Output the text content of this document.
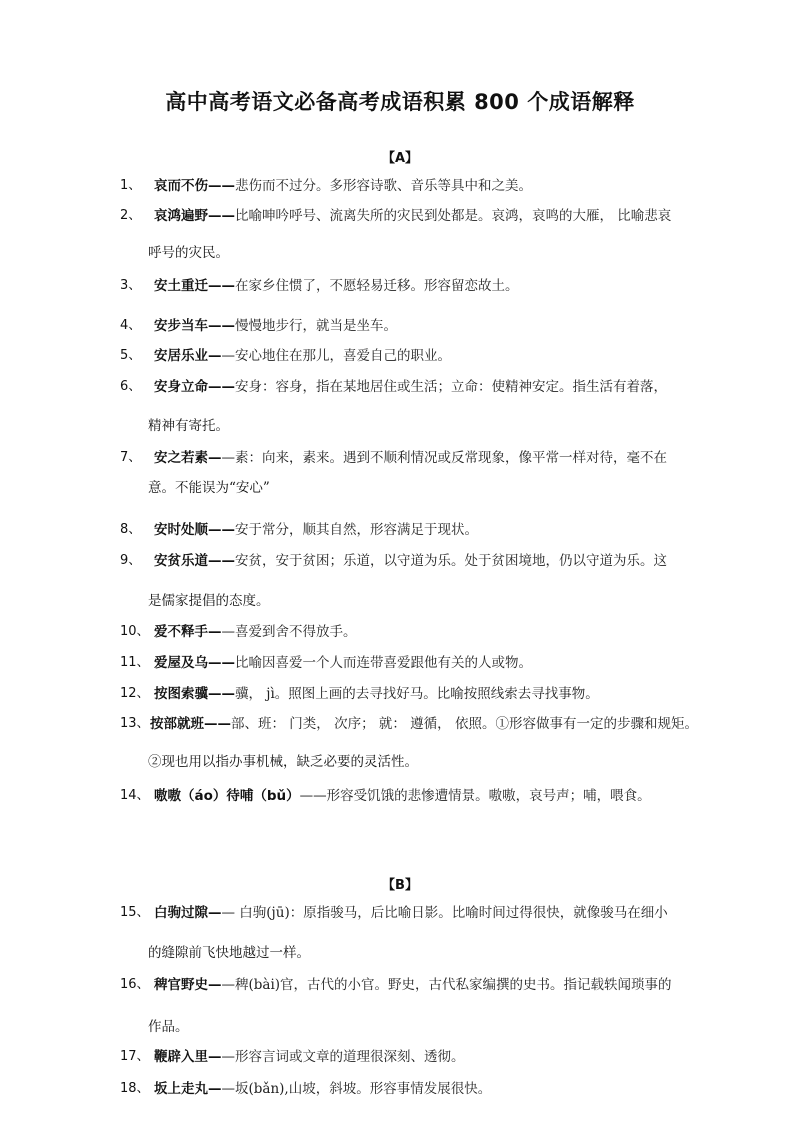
高中高考语文必备高考成语积累 800 个成语解释
【A】
1、 哀而不伤——悲伤而不过分。多形容诗歌、音乐等具中和之美。
2、 哀鸿遍野——比喻呻吟呼号、流离失所的灾民到处都是。哀鸿，哀鸣的大雁， 比喻悲哀
呼号的灾民。
3、 安土重迁——在家乡住惯了，不愿轻易迁移。形容留恋故土。
4、 安步当车——慢慢地步行，就当是坐车。
5、 安居乐业——安心地住在那儿，喜爱自己的职业。
6、 安身立命——安身：容身，指在某地居住或生活；立命：使精神安定。指生活有着落，
精神有寄托。
7、 安之若素——素：向来，素来。遇到不顺利情况或反常现象，像平常一样对待，毫不在
意。不能误为“安心”
8、 安时处顺——安于常分，顺其自然，形容满足于现状。
9、 安贫乐道——安贫，安于贫困；乐道，以守道为乐。处于贫困境地，仍以守道为乐。这
是儒家提倡的态度。
10、 爱不释手——喜爱到舍不得放手。
11、 爱屋及乌——比喻因喜爱一个人而连带喜爱跟他有关的人或物。
12、 按图索骥——骥， jì。照图上画的去寻找好马。比喻按照线索去寻找事物。
13、 按部就班——部、班： 门类， 次序； 就： 遵循， 依照。①形容做事有一定的步骤和规矩。
②现也用以指办事机械，缺乏必要的灵活性。
14、 嗷嗷（áo）待哺（bǔ）——形容受饥饿的悲惨遭情景。嗷嗷，哀号声；哺，喂食。
【B】
15、 白驹过隙—— 白驹(jū)：原指骏马，后比喻日影。比喻时间过得很快，就像骏马在细小
的缝隙前飞快地越过一样。
16、 稗官野史——稗(bài)官，古代的小官。野史，古代私家编撰的史书。指记载轶闻琐事的
作品。
17、 鞭辟入里——形容言词或文章的道理很深刻、透彻。
18、 坂上走丸——坂(bǎn),山坡，斜坡。形容事情发展很快。
